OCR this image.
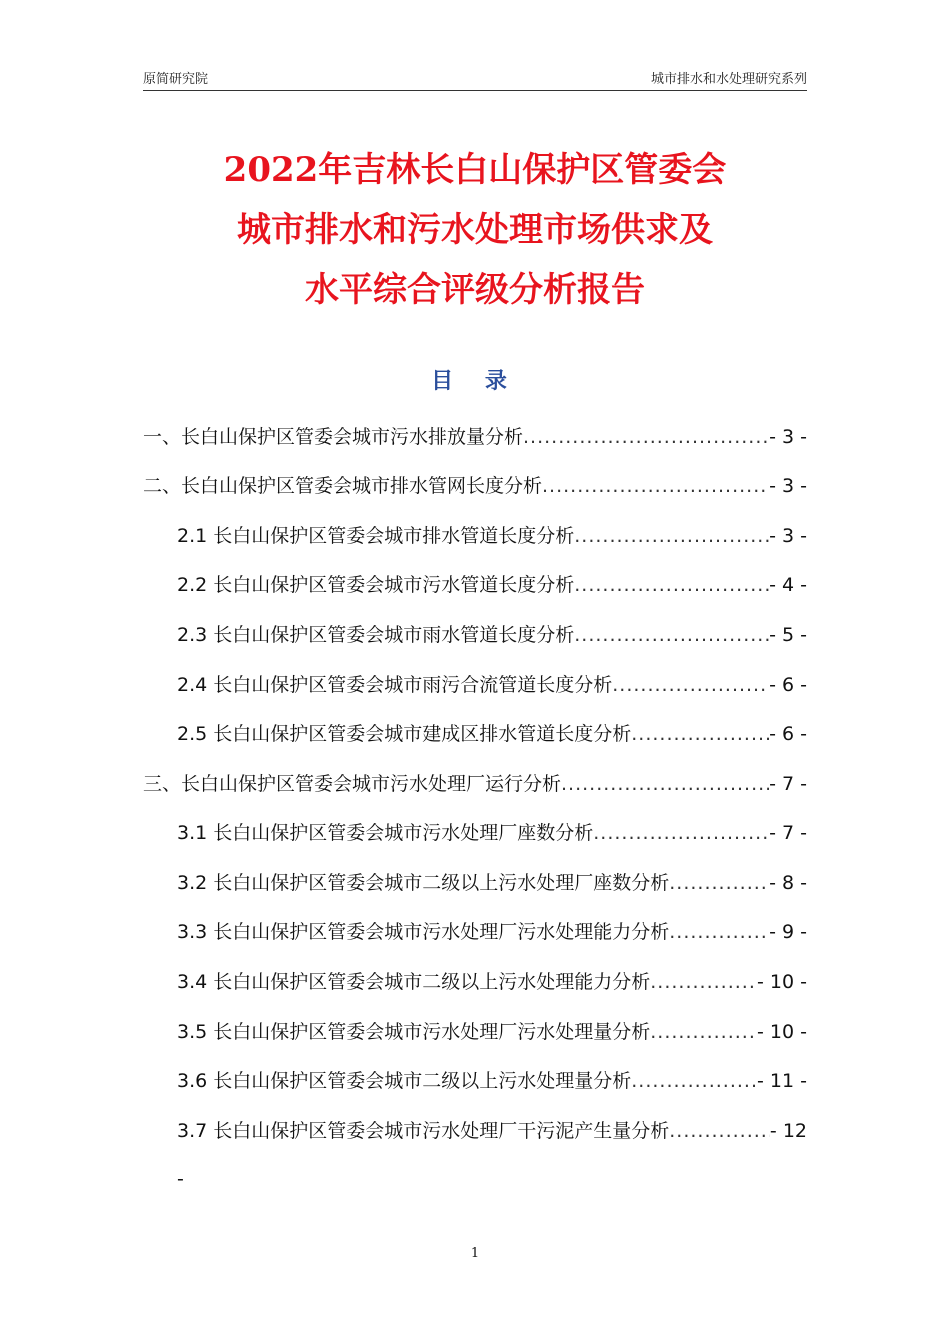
原简研究院	城市排水和水处理研究系列
2022年吉林长白山保护区管委会
城市排水和污水处理市场供求及
水平综合评级分析报告
目 录
一、长白山保护区管委会城市污水排放量分析 .....	- 3 -
二、长白山保护区管委会城市排水管网长度分析 .....	- 3 -
2.1 长白山保护区管委会城市排水管道长度分析 .....	- 3 -
2.2 长白山保护区管委会城市污水管道长度分析 .....	- 4 -
2.3 长白山保护区管委会城市雨水管道长度分析 .....	- 5 -
2.4 长白山保护区管委会城市雨污合流管道长度分析 .....	- 6 -
2.5 长白山保护区管委会城市建成区排水管道长度分析 .....	- 6 -
三、长白山保护区管委会城市污水处理厂运行分析 .....	- 7 -
3.1 长白山保护区管委会城市污水处理厂座数分析 .....	- 7 -
3.2 长白山保护区管委会城市二级以上污水处理厂座数分析 .....	- 8 -
3.3 长白山保护区管委会城市污水处理厂污水处理能力分析 .....	- 9 -
3.4 长白山保护区管委会城市二级以上污水处理能力分析 .....	- 10 -
3.5 长白山保护区管委会城市污水处理厂污水处理量分析 .....	- 10 -
3.6 长白山保护区管委会城市二级以上污水处理量分析 .....	- 11 -
3.7 长白山保护区管委会城市污水处理厂干污泥产生量分析 .....	- 12
-
1
